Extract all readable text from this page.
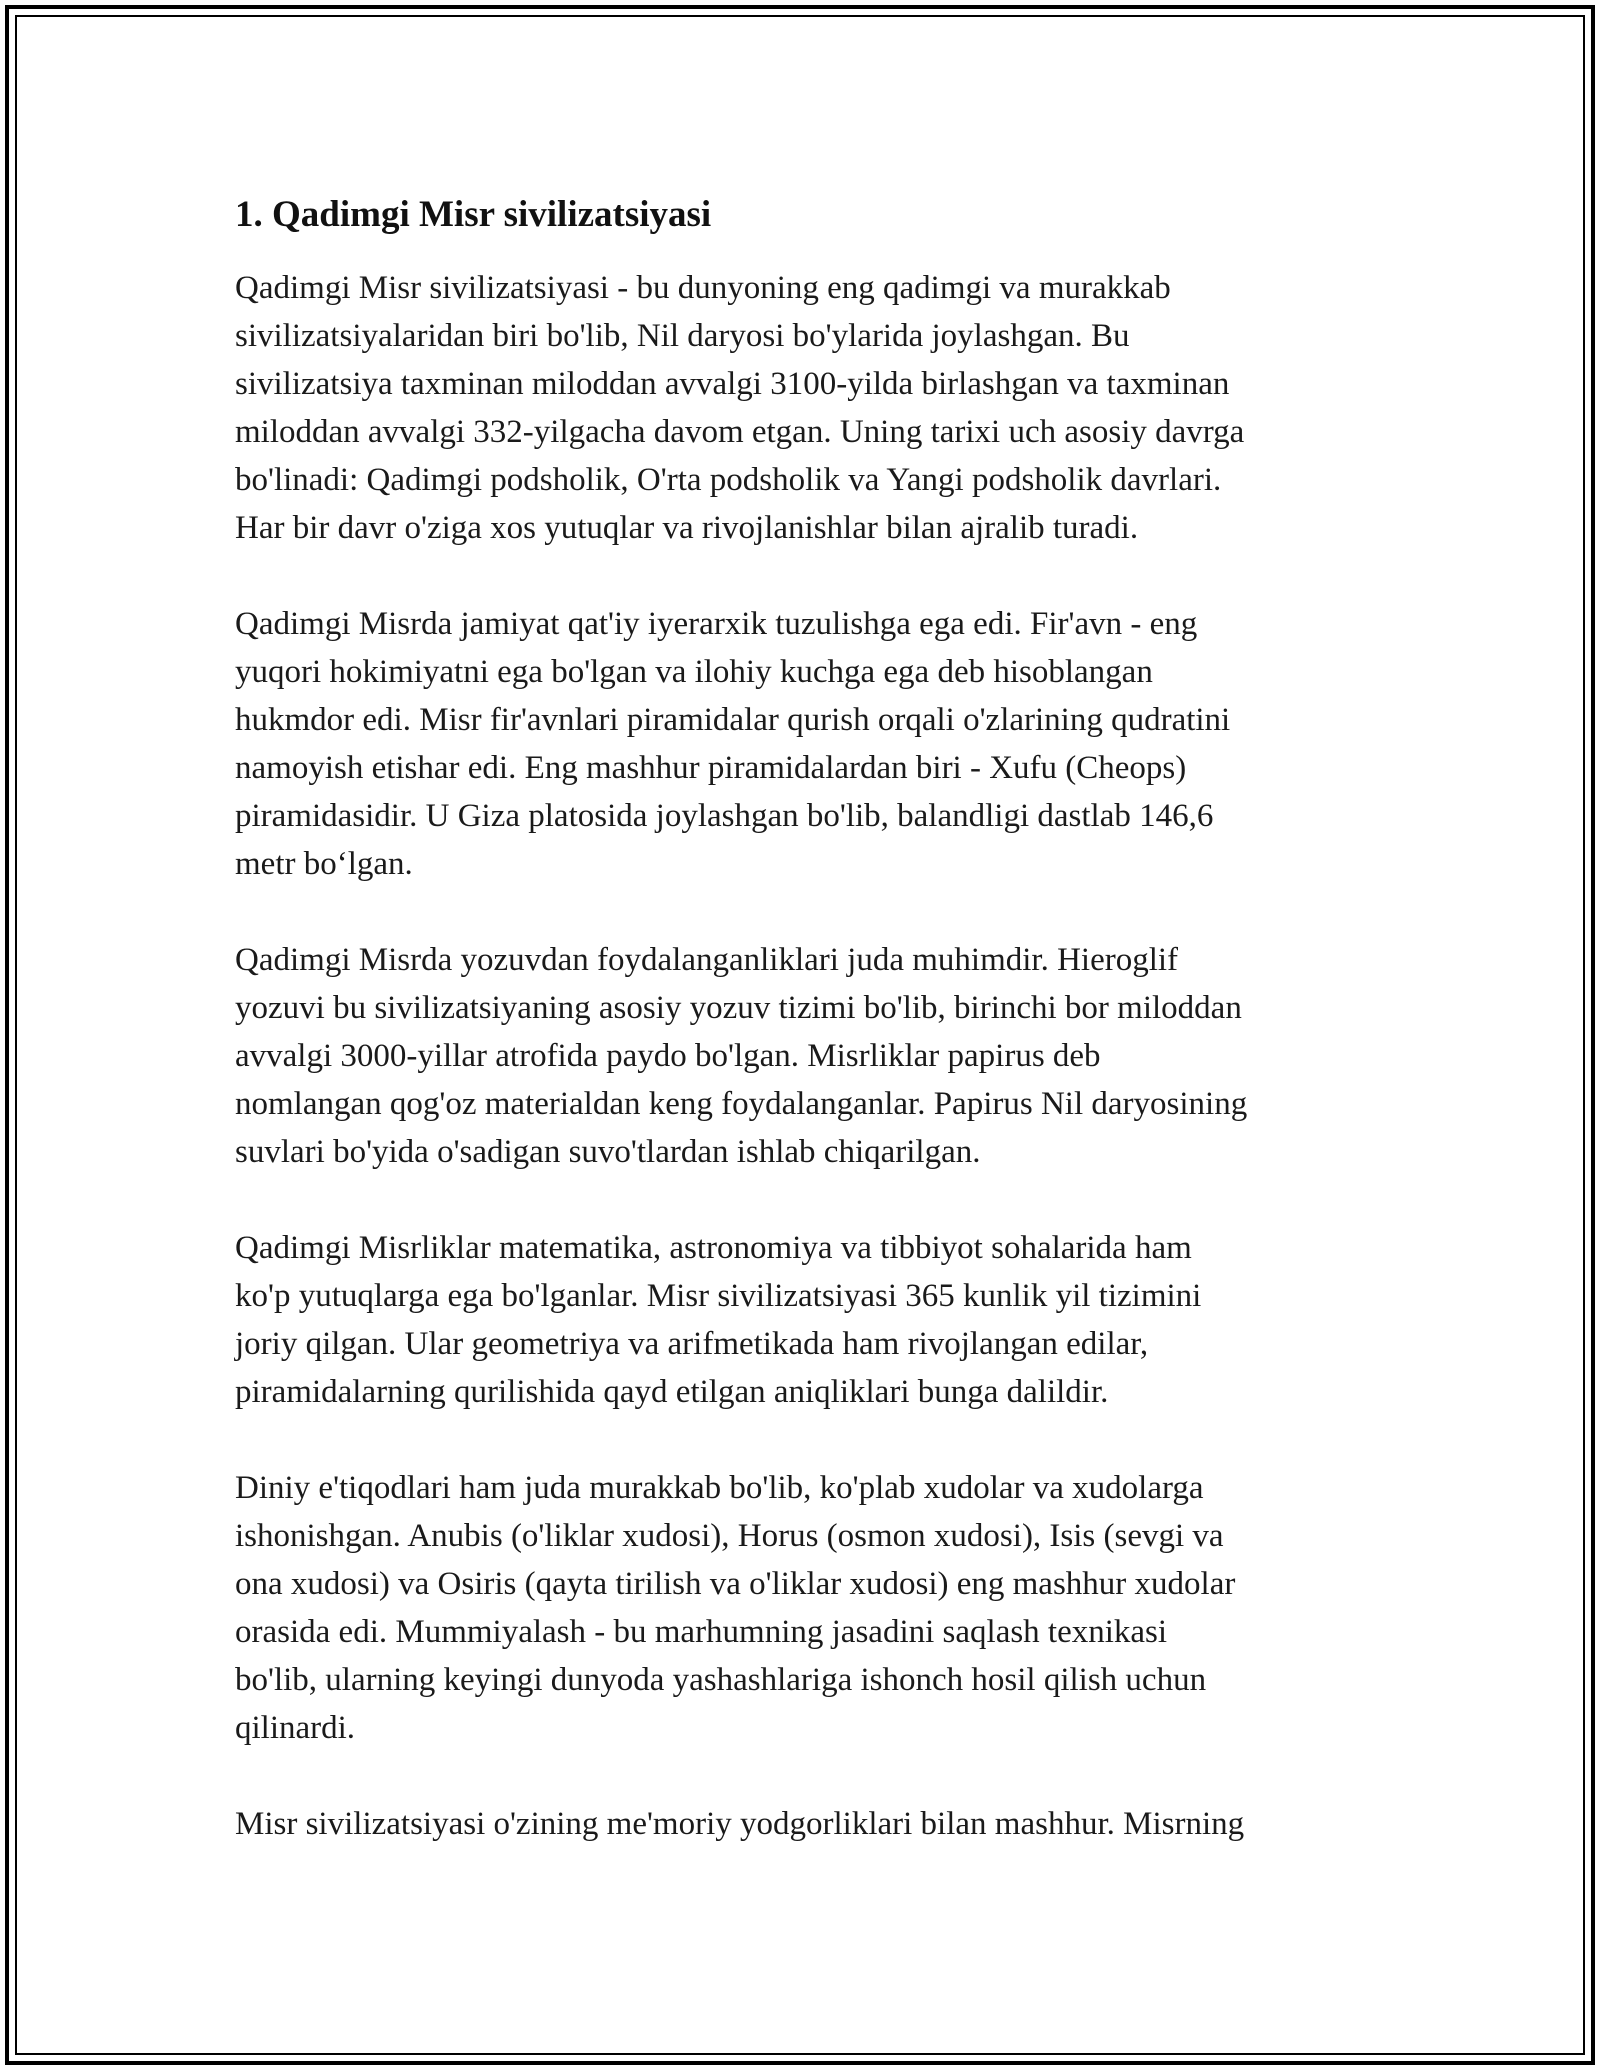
1. Qadimgi Misr sivilizatsiyasi
Qadimgi Misr sivilizatsiyasi - bu dunyoning eng qadimgi va murakkab
sivilizatsiyalaridan biri bo'lib, Nil daryosi bo'ylarida joylashgan. Bu
sivilizatsiya taxminan miloddan avvalgi 3100-yilda birlashgan va taxminan
miloddan avvalgi 332-yilgacha davom etgan. Uning tarixi uch asosiy davrga
bo'linadi: Qadimgi podsholik, O'rta podsholik va Yangi podsholik davrlari.
Har bir davr o'ziga xos yutuqlar va rivojlanishlar bilan ajralib turadi.
Qadimgi Misrda jamiyat qat'iy iyerarxik tuzulishga ega edi. Fir'avn - eng
yuqori hokimiyatni ega bo'lgan va ilohiy kuchga ega deb hisoblangan
hukmdor edi. Misr fir'avnlari piramidalar qurish orqali o'zlarining qudratini
namoyish etishar edi. Eng mashhur piramidalardan biri - Xufu (Cheops)
piramidasidir. U Giza platosida joylashgan bo'lib, balandligi dastlab 146,6
metr bo‘lgan.
Qadimgi Misrda yozuvdan foydalanganliklari juda muhimdir. Hieroglif
yozuvi bu sivilizatsiyaning asosiy yozuv tizimi bo'lib, birinchi bor miloddan
avvalgi 3000-yillar atrofida paydo bo'lgan. Misrliklar papirus deb
nomlangan qog'oz materialdan keng foydalanganlar. Papirus Nil daryosining
suvlari bo'yida o'sadigan suvo'tlardan ishlab chiqarilgan.
Qadimgi Misrliklar matematika, astronomiya va tibbiyot sohalarida ham
ko'p yutuqlarga ega bo'lganlar. Misr sivilizatsiyasi 365 kunlik yil tizimini
joriy qilgan. Ular geometriya va arifmetikada ham rivojlangan edilar,
piramidalarning qurilishida qayd etilgan aniqliklari bunga dalildir.
Diniy e'tiqodlari ham juda murakkab bo'lib, ko'plab xudolar va xudolarga
ishonishgan. Anubis (o'liklar xudosi), Horus (osmon xudosi), Isis (sevgi va
ona xudosi) va Osiris (qayta tirilish va o'liklar xudosi) eng mashhur xudolar
orasida edi. Mummiyalash - bu marhumning jasadini saqlash texnikasi
bo'lib, ularning keyingi dunyoda yashashlariga ishonch hosil qilish uchun
qilinardi.
Misr sivilizatsiyasi o'zining me'moriy yodgorliklari bilan mashhur. Misrning
